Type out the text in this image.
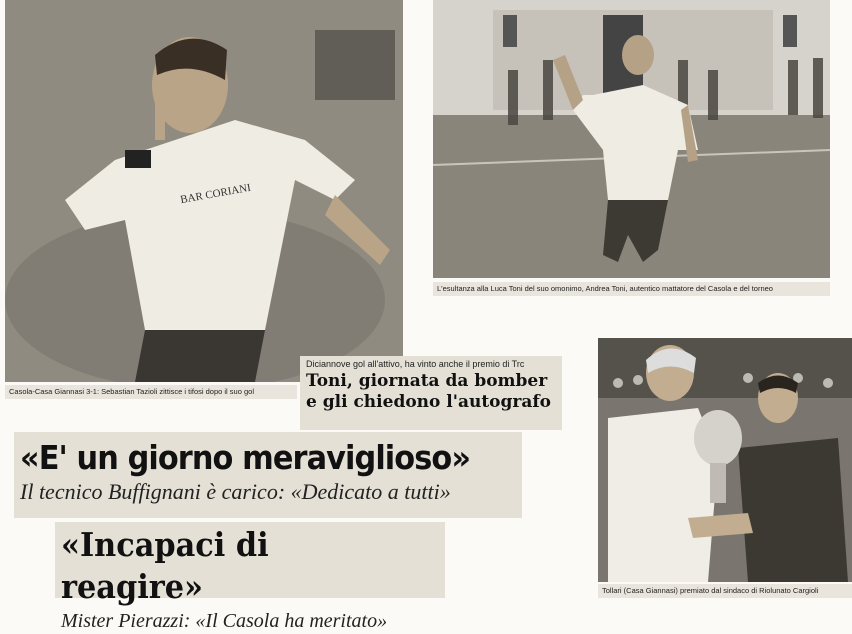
BAR CORIANI
Casola-Casa Giannasi 3-1: Sebastian Tazioli zittisce i tifosi dopo il suo gol
L'esultanza alla Luca Toni del suo omonimo, Andrea Toni, autentico mattatore del Casola e del torneo
Diciannove gol all'attivo, ha vinto anche il premio di Trc
Toni, giornata da bomber
e gli chiedono l'autografo
«E' un giorno meraviglioso»
Il tecnico Buffignani è carico: «Dedicato a tutti»
«Incapaci di reagire»
Mister Pierazzi: «Il Casola ha meritato»
Tollari (Casa Giannasi) premiato dal sindaco di Riolunato Cargioli
